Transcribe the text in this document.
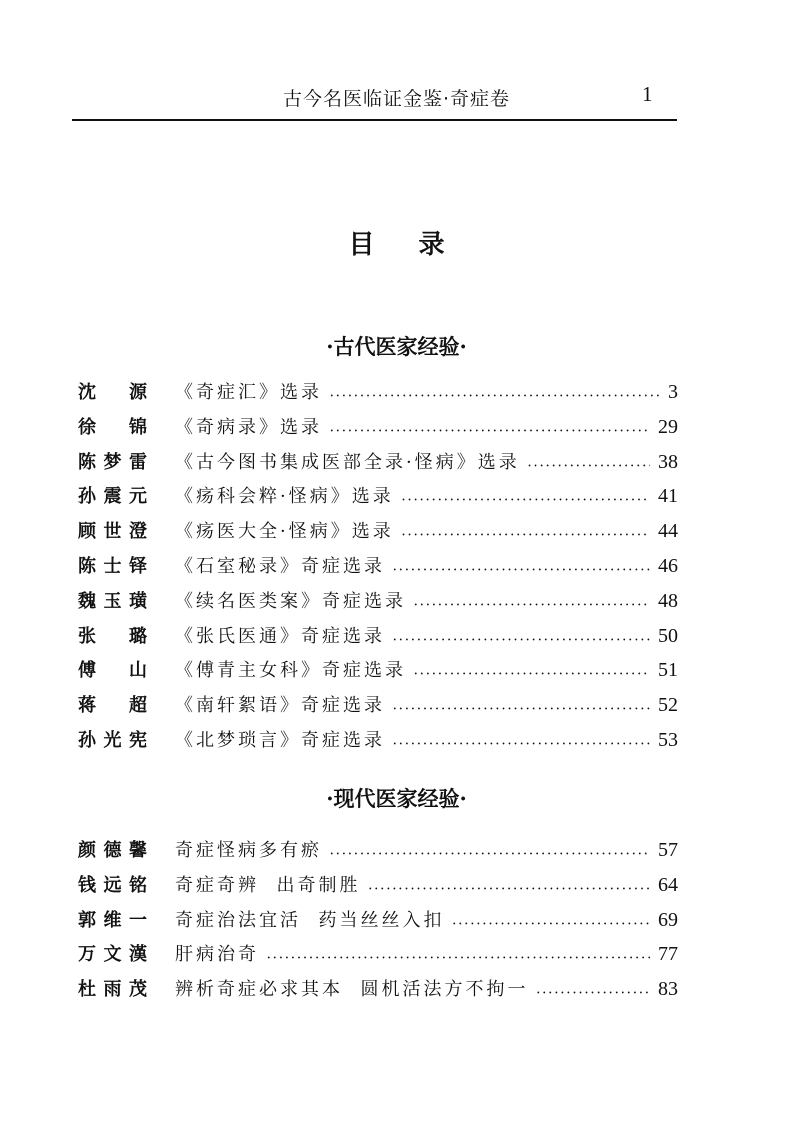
古今名医临证金鉴·奇症卷	1
目 录
·古代医家经验·
沈源 《奇症汇》选录 •••••	3
徐锦 《奇病录》选录 •••••	29
陈梦雷 《古今图书集成医部全录·怪病》选录 •••••	38
孙震元 《疡科会粹·怪病》选录 •••••	41
顾世澄 《疡医大全·怪病》选录 •••••	44
陈士铎 《石室秘录》奇症选录 •••••	46
魏玉璜 《续名医类案》奇症选录 •••••	48
张璐 《张氏医通》奇症选录 •••••	50
傅山 《傅青主女科》奇症选录 •••••	51
蒋超 《南轩絮语》奇症选录 •••••	52
孙光宪 《北梦琐言》奇症选录 •••••	53
·现代医家经验·
颜德馨 奇症怪病多有瘀 •••••	57
钱远铭 奇症奇辨  出奇制胜 •••••	64
郭维一 奇症治法宜活  药当丝丝入扣 •••••	69
万文漢 肝病治奇 •••••	77
杜雨茂 辨析奇症必求其本  圆机活法方不拘一 •••••	83
